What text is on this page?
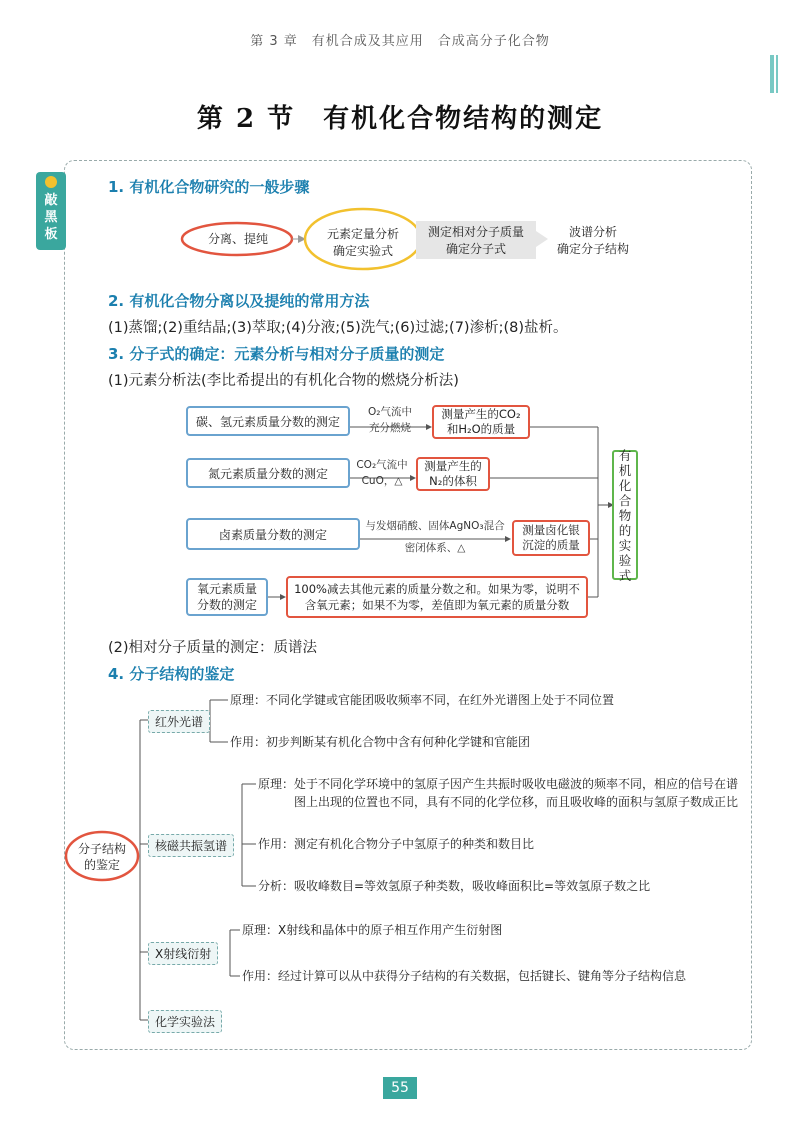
第 3 章　有机合成及其应用　合成高分子化合物
第 2 节　有机化合物结构的测定
敲
黑
板
1. 有机化合物研究的一般步骤
分离、提纯	元素定量分析
确定实验式
测定相对分子质量
确定分子式
波谱分析
确定分子结构
2. 有机化合物分离以及提纯的常用方法
(1)蒸馏;(2)重结晶;(3)萃取;(4)分液;(5)洗气;(6)过滤;(7)渗析;(8)盐析。
3. 分子式的确定：元素分析与相对分子质量的测定
(1)元素分析法(李比希提出的有机化合物的燃烧分析法)
碳、氢元素质量分数的测定
O₂气流中
充分燃烧
测量产生的CO₂
和H₂O的质量
氮元素质量分数的测定
CO₂气流中
CuO，△
测量产生的
N₂的体积
卤素质量分数的测定
与发烟硝酸、固体AgNO₃混合
密闭体系、△
测量卤化银
沉淀的质量
氧元素质量
分数的测定
100%减去其他元素的质量分数之和。如果为零，说明不
含氧元素；如果不为零，差值即为氧元素的质量分数
有
机
化
合
物
的
实
验
式
(2)相对分子质量的测定：质谱法
4. 分子结构的鉴定
分子结构
的鉴定
红外光谱
原理：不同化学键或官能团吸收频率不同，在红外光谱图上处于不同位置
作用：初步判断某有机化合物中含有何种化学键和官能团
核磁共振氢谱
原理：处于不同化学环境中的氢原子因产生共振时吸收电磁波的频率不同，相应的信号在谱
图上出现的位置也不同，具有不同的化学位移，而且吸收峰的面积与氢原子数成正比
作用：测定有机化合物分子中氢原子的种类和数目比
分析：吸收峰数目=等效氢原子种类数，吸收峰面积比=等效氢原子数之比
X射线衍射
原理：X射线和晶体中的原子相互作用产生衍射图
作用：经过计算可以从中获得分子结构的有关数据，包括键长、键角等分子结构信息
化学实验法
55
